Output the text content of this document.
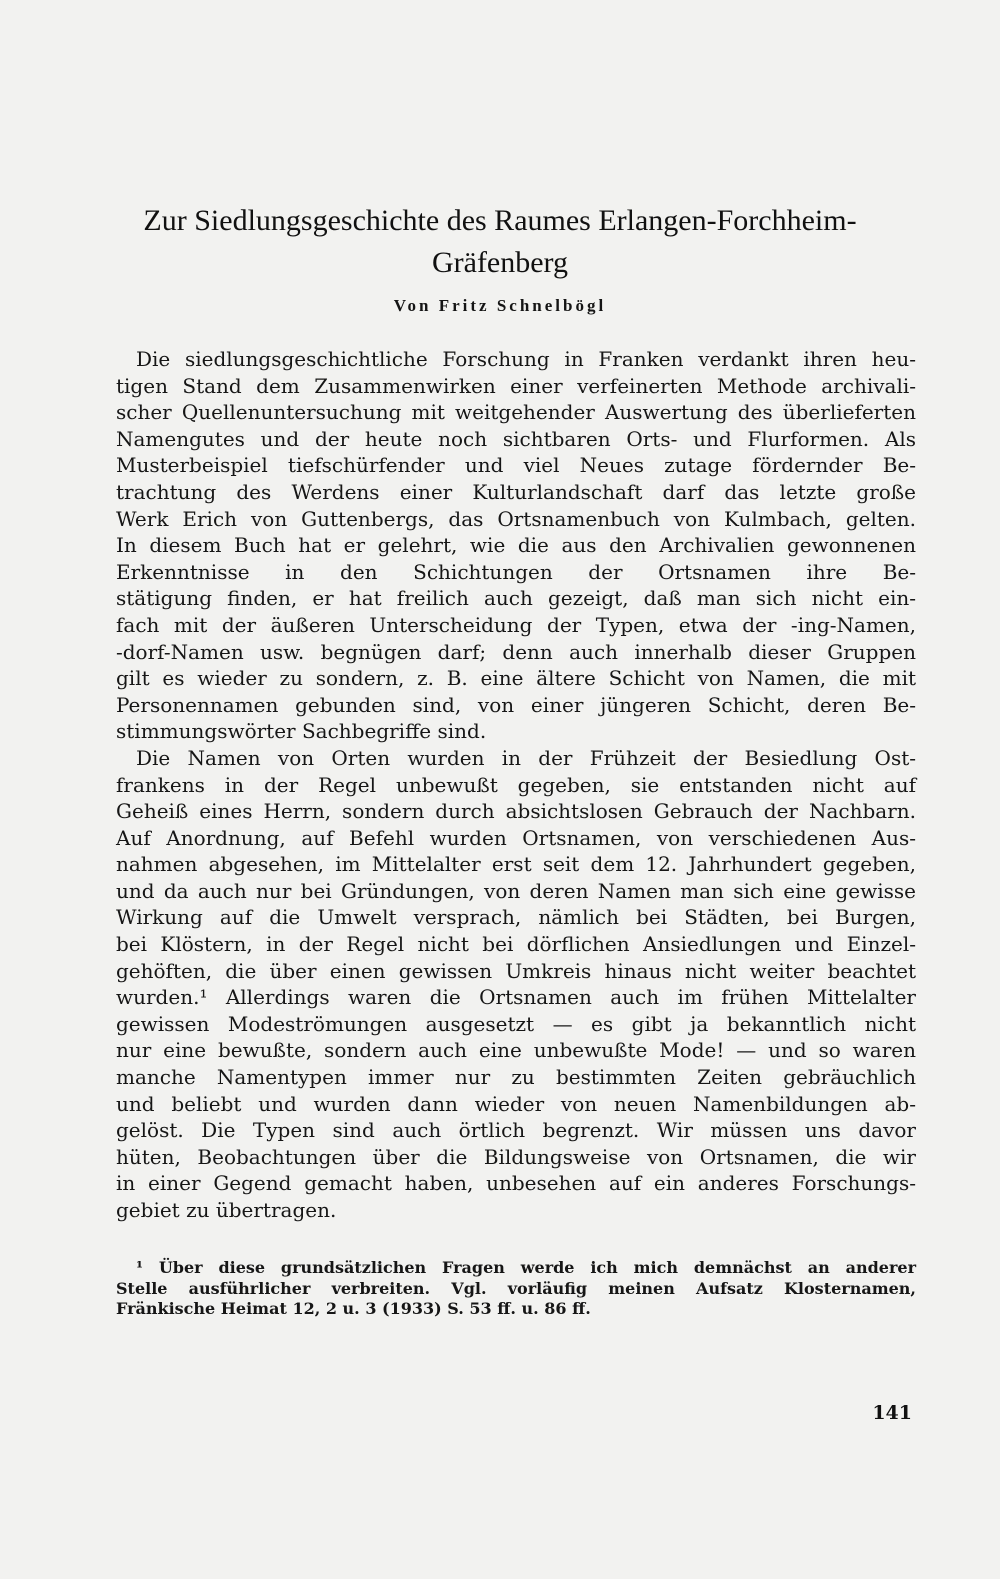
Zur Siedlungsgeschichte des Raumes Erlangen-Forchheim-
Gräfenberg
Von Fritz Schnelbögl
Die siedlungsgeschichtliche Forschung in Franken verdankt ihren heu-
tigen Stand dem Zusammenwirken einer verfeinerten Methode archivali-
scher Quellenuntersuchung mit weitgehender Auswertung des überlieferten
Namengutes und der heute noch sichtbaren Orts- und Flurformen. Als
Musterbeispiel tiefschürfender und viel Neues zutage fördernder Be-
trachtung des Werdens einer Kulturlandschaft darf das letzte große
Werk Erich von Guttenbergs, das Ortsnamenbuch von Kulmbach, gelten.
In diesem Buch hat er gelehrt, wie die aus den Archivalien gewonnenen
Erkenntnisse in den Schichtungen der Ortsnamen ihre Be-
stätigung finden, er hat freilich auch gezeigt, daß man sich nicht ein-
fach mit der äußeren Unterscheidung der Typen, etwa der -ing-Namen,
-dorf-Namen usw. begnügen darf; denn auch innerhalb dieser Gruppen
gilt es wieder zu sondern, z. B. eine ältere Schicht von Namen, die mit
Personennamen gebunden sind, von einer jüngeren Schicht, deren Be-
stimmungswörter Sachbegriffe sind.
Die Namen von Orten wurden in der Frühzeit der Besiedlung Ost-
frankens in der Regel unbewußt gegeben, sie entstanden nicht auf
Geheiß eines Herrn, sondern durch absichtslosen Gebrauch der Nachbarn.
Auf Anordnung, auf Befehl wurden Ortsnamen, von verschiedenen Aus-
nahmen abgesehen, im Mittelalter erst seit dem 12. Jahrhundert gegeben,
und da auch nur bei Gründungen, von deren Namen man sich eine gewisse
Wirkung auf die Umwelt versprach, nämlich bei Städten, bei Burgen,
bei Klöstern, in der Regel nicht bei dörflichen Ansiedlungen und Einzel-
gehöften, die über einen gewissen Umkreis hinaus nicht weiter beachtet
wurden.¹ Allerdings waren die Ortsnamen auch im frühen Mittelalter
gewissen Modeströmungen ausgesetzt — es gibt ja bekanntlich nicht
nur eine bewußte, sondern auch eine unbewußte Mode! — und so waren
manche Namentypen immer nur zu bestimmten Zeiten gebräuchlich
und beliebt und wurden dann wieder von neuen Namenbildungen ab-
gelöst. Die Typen sind auch örtlich begrenzt. Wir müssen uns davor
hüten, Beobachtungen über die Bildungsweise von Ortsnamen, die wir
in einer Gegend gemacht haben, unbesehen auf ein anderes Forschungs-
gebiet zu übertragen.
¹ Über diese grundsätzlichen Fragen werde ich mich demnächst an anderer
Stelle ausführlicher verbreiten. Vgl. vorläufig meinen Aufsatz Klosternamen,
Fränkische Heimat 12, 2 u. 3 (1933) S. 53 ff. u. 86 ff.
141
